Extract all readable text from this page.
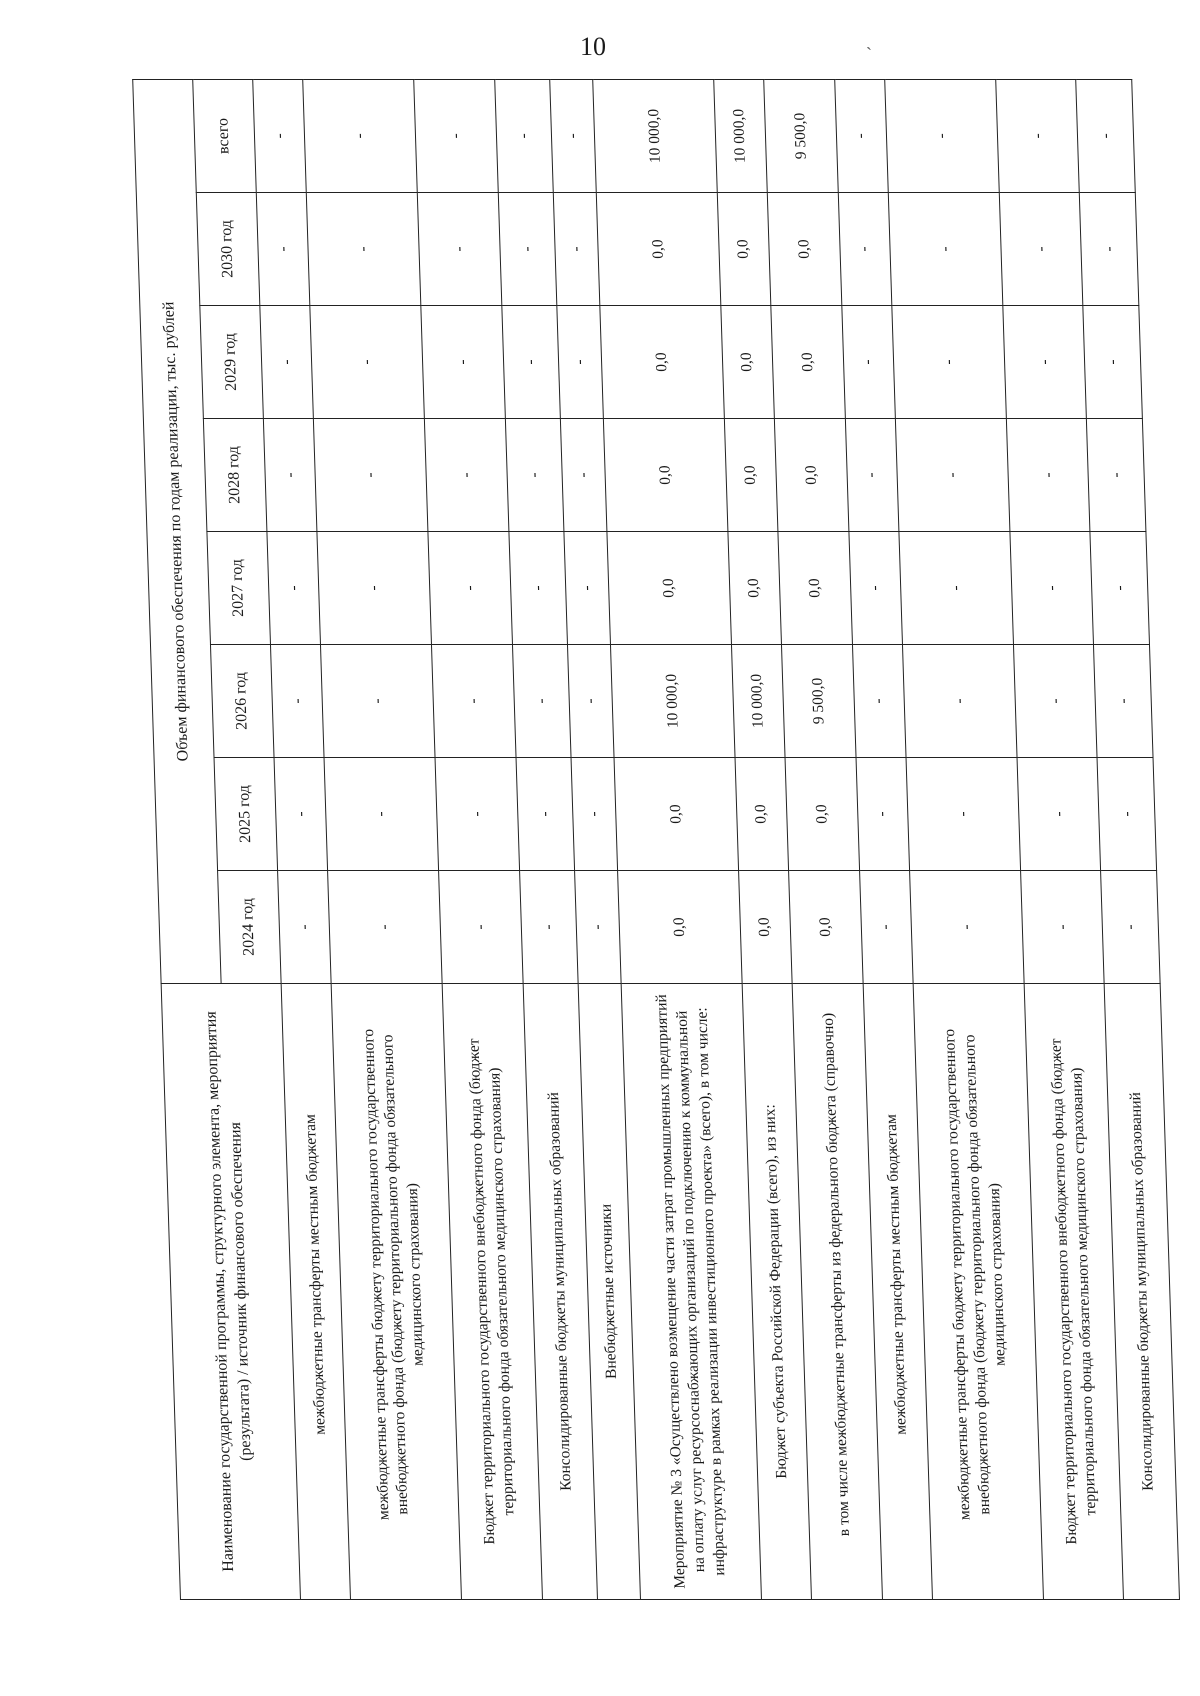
10	`
Наименование государственной программы, структурного элемента, мероприятия (результата) / источник финансового обеспечения	Объем финансового обеспечения по годам реализации, тыс. рублей							
	2024 год	2025 год	2026 год	2027 год	2028 год	2029 год	2030 год	всего
межбюджетные трансферты местным бюджетам	-	-	-	-	-	-	-	-
межбюджетные трансферты бюджету территориального государственного внебюджетного фонда (бюджету территориального фонда обязательного медицинского страхования)	-	-	-	-	-	-	-	-
Бюджет территориального государственного внебюджетного фонда (бюджет территориального фонда обязательного медицинского страхования)	-	-	-	-	-	-	-	-
Консолидированные бюджеты муниципальных образований	-	-	-	-	-	-	-	-
Внебюджетные источники	-	-	-	-	-	-	-	-
Мероприятие № 3 «Осуществлено возмещение части затрат промышленных предприятий на оплату услуг ресурсоснабжающих организаций по подключению к коммунальной инфраструктуре в рамках реализации инвестиционного проекта» (всего), в том числе:	0,0	0,0	10 000,0	0,0	0,0	0,0	0,0	10 000,0
Бюджет субъекта Российской Федерации (всего), из них:	0,0	0,0	10 000,0	0,0	0,0	0,0	0,0	10 000,0
в том числе межбюджетные трансферты из федерального бюджета (справочно)	0,0	0,0	9 500,0	0,0	0,0	0,0	0,0	9 500,0
межбюджетные трансферты местным бюджетам	-	-	-	-	-	-	-	-
межбюджетные трансферты бюджету территориального государственного внебюджетного фонда (бюджету территориального фонда обязательного медицинского страхования)	-	-	-	-	-	-	-	-
Бюджет территориального государственного внебюджетного фонда (бюджет территориального фонда обязательного медицинского страхования)	-	-	-	-	-	-	-	-
Консолидированные бюджеты муниципальных образований	-	-	-	-	-	-	-	-
